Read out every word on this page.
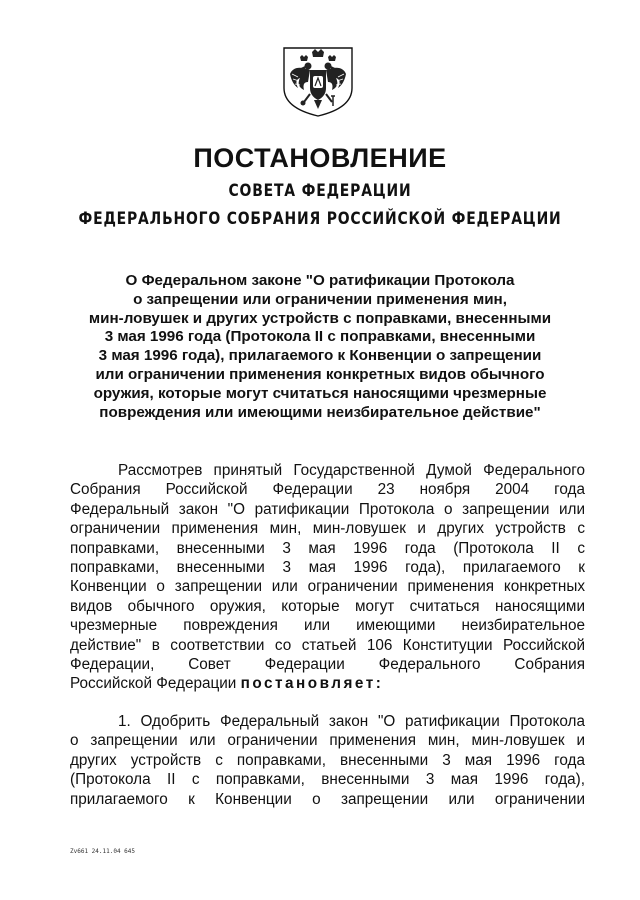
ПОСТАНОВЛЕНИЕ
СОВЕТА ФЕДЕРАЦИИ
ФЕДЕРАЛЬНОГО СОБРАНИЯ РОССИЙСКОЙ ФЕДЕРАЦИИ

О Федеральном законе "О ратификации Протокола
о запрещении или ограничении применения мин,
мин-ловушек и других устройств с поправками, внесенными
3 мая 1996 года (Протокола II с поправками, внесенными
3 мая 1996 года), прилагаемого к Конвенции о запрещении
или ограничении применения конкретных видов обычного
оружия, которые могут считаться наносящими чрезмерные
повреждения или имеющими неизбирательное действие"

Рассмотрев принятый Государственной Думой Федерального
Собрания Российской Федерации 23 ноября 2004 года
Федеральный закон "О ратификации Протокола о запрещении или
ограничении применения мин, мин-ловушек и других устройств с
поправками, внесенными 3 мая 1996 года (Протокола II с
поправками, внесенными 3 мая 1996 года), прилагаемого к
Конвенции о запрещении или ограничении применения конкретных
видов обычного оружия, которые могут считаться наносящими
чрезмерные повреждения или имеющими неизбирательное
действие" в соответствии со статьей 106 Конституции Российской
Федерации, Совет Федерации Федерального Собрания
Российской Федерации постановляет:

1. Одобрить Федеральный закон "О ратификации Протокола
о запрещении или ограничении применения мин, мин-ловушек и
других устройств с поправками, внесенными 3 мая 1996 года
(Протокола II с поправками, внесенными 3 мая 1996 года),
прилагаемого к Конвенции о запрещении или ограничении

Zv661 24.11.04 645
